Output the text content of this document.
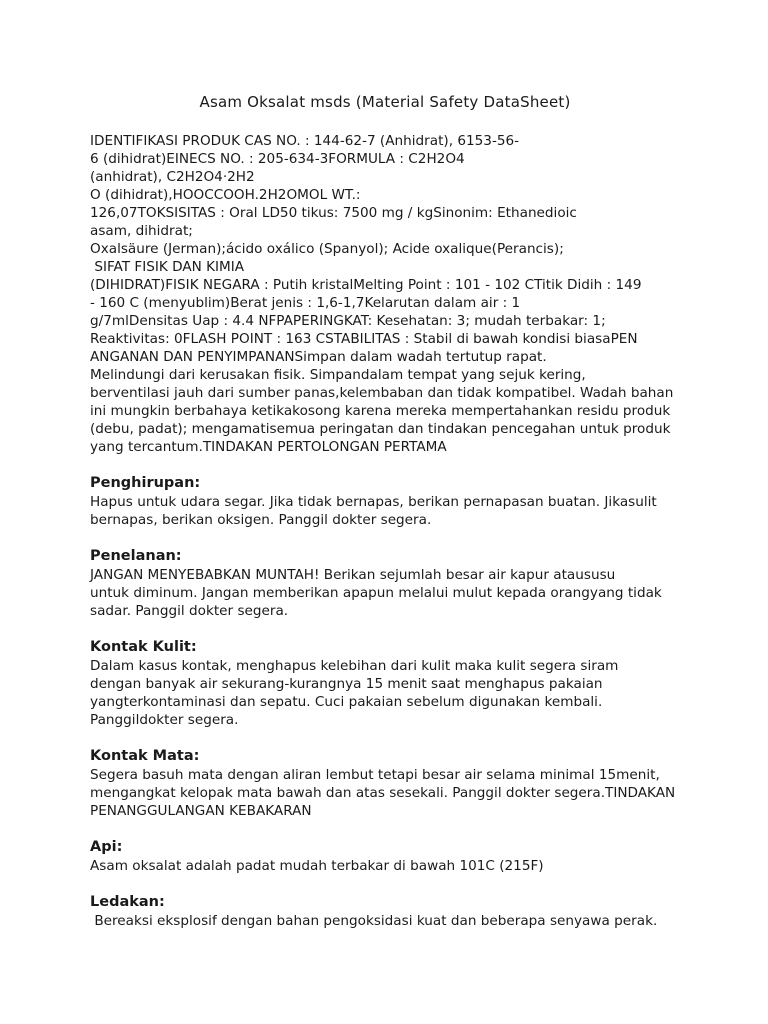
Asam Oksalat msds (Material Safety DataSheet)

IDENTIFIKASI PRODUK CAS NO. : 144-62-7 (Anhidrat), 6153-56-

6 (dihidrat)EINECS NO. : 205-634-3FORMULA : C2H2O4

(anhidrat), C2H2O4·2H2

O (dihidrat),HOOCCOOH.2H2OMOL WT.:

126,07TOKSISITAS : Oral LD50 tikus: 7500 mg / kgSinonim: Ethanedioic

asam, dihidrat;

Oxalsäure (Jerman);ácido oxálico (Spanyol); Acide oxalique(Perancis);

SIFAT FISIK DAN KIMIA

(DIHIDRAT)FISIK NEGARA : Putih kristalMelting Point : 101 - 102 CTitik Didih : 149

- 160 C (menyublim)Berat jenis : 1,6-1,7Kelarutan dalam air : 1

g/7mlDensitas Uap : 4.4 NFPAPERINGKAT: Kesehatan: 3; mudah terbakar: 1;

Reaktivitas: 0FLASH POINT : 163 CSTABILITAS : Stabil di bawah kondisi biasaPEN

ANGANAN DAN PENYIMPANANSimpan dalam wadah tertutup rapat.

Melindungi dari kerusakan fisik. Simpandalam tempat yang sejuk kering,

berventilasi jauh dari sumber panas,kelembaban dan tidak kompatibel. Wadah bahan

ini mungkin berbahaya ketikakosong karena mereka mempertahankan residu produk

(debu, padat); mengamatisemua peringatan dan tindakan pencegahan untuk produk

yang tercantum.TINDAKAN PERTOLONGAN PERTAMA

Penghirupan:

Hapus untuk udara segar. Jika tidak bernapas, berikan pernapasan buatan. Jikasulit

bernapas, berikan oksigen. Panggil dokter segera.

Penelanan:

JANGAN MENYEBABKAN MUNTAH! Berikan sejumlah besar air kapur ataususu

untuk diminum. Jangan memberikan apapun melalui mulut kepada orangyang tidak

sadar. Panggil dokter segera.

Kontak Kulit:

Dalam kasus kontak, menghapus kelebihan dari kulit maka kulit segera siram

dengan banyak air sekurang-kurangnya 15 menit saat menghapus pakaian

yangterkontaminasi dan sepatu. Cuci pakaian sebelum digunakan kembali.

Panggildokter segera.

Kontak Mata:

Segera basuh mata dengan aliran lembut tetapi besar air selama minimal 15menit,

mengangkat kelopak mata bawah dan atas sesekali. Panggil dokter segera.TINDAKAN

PENANGGULANGAN KEBAKARAN

Api:

Asam oksalat adalah padat mudah terbakar di bawah 101C (215F)

Ledakan:

Bereaksi eksplosif dengan bahan pengoksidasi kuat dan beberapa senyawa perak.
